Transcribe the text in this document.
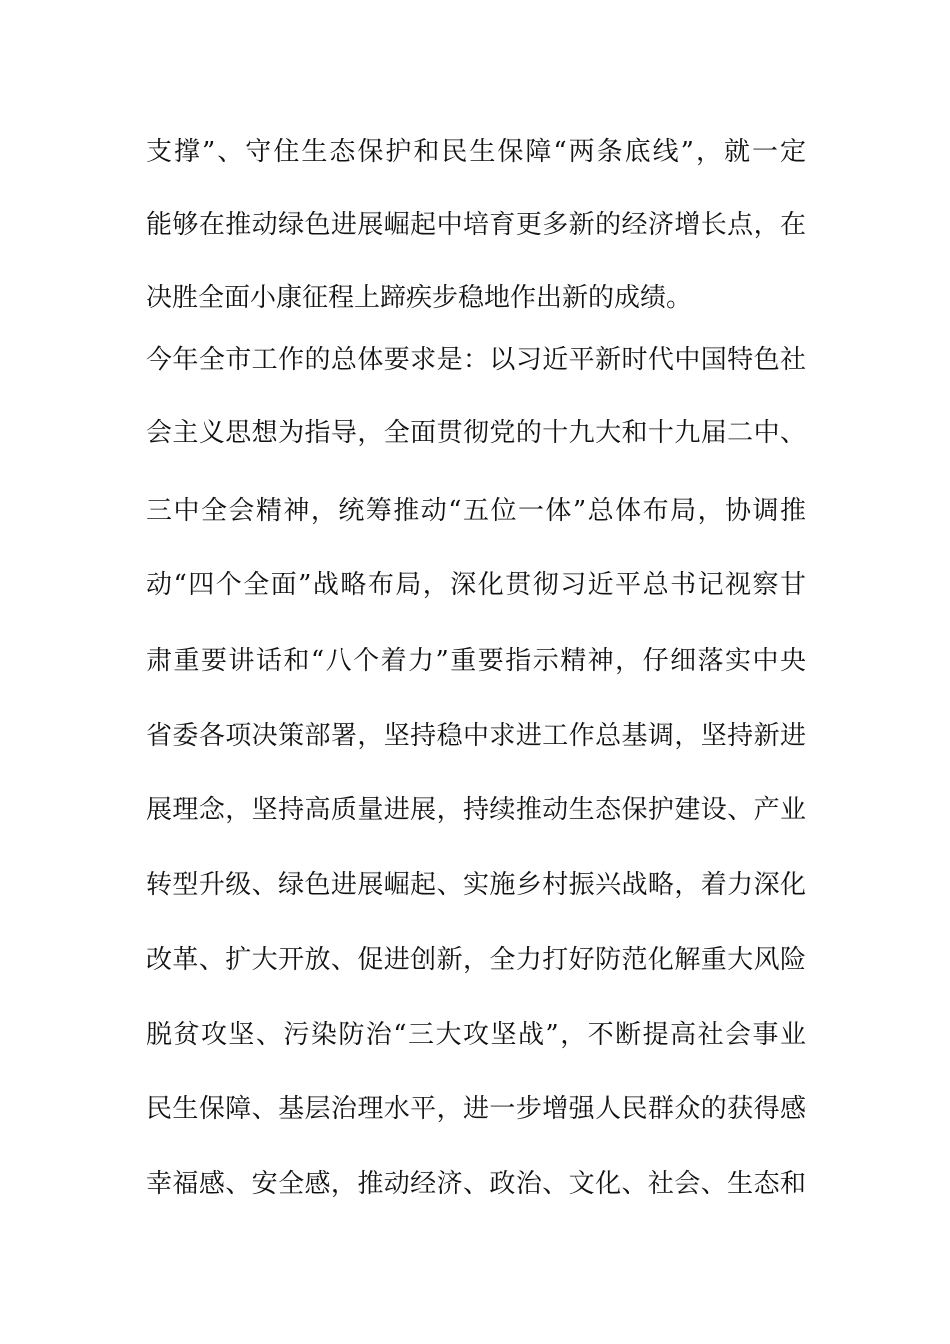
支撑”、守住生态保护和民生保障“两条底线”，就一定
能够在推动绿色进展崛起中培育更多新的经济增长点，在
决胜全面小康征程上蹄疾步稳地作出新的成绩。
今年全市工作的总体要求是：以习近平新时代中国特色社
会主义思想为指导，全面贯彻党的十九大和十九届二中、
三中全会精神，统筹推动“五位一体”总体布局，协调推
动“四个全面”战略布局，深化贯彻习近平总书记视察甘
肃重要讲话和“八个着力”重要指示精神，仔细落实中央
省委各项决策部署，坚持稳中求进工作总基调，坚持新进
展理念，坚持高质量进展，持续推动生态保护建设、产业
转型升级、绿色进展崛起、实施乡村振兴战略，着力深化
改革、扩大开放、促进创新，全力打好防范化解重大风险
脱贫攻坚、污染防治“三大攻坚战”，不断提高社会事业
民生保障、基层治理水平，进一步增强人民群众的获得感
幸福感、安全感，推动经济、政治、文化、社会、生态和
